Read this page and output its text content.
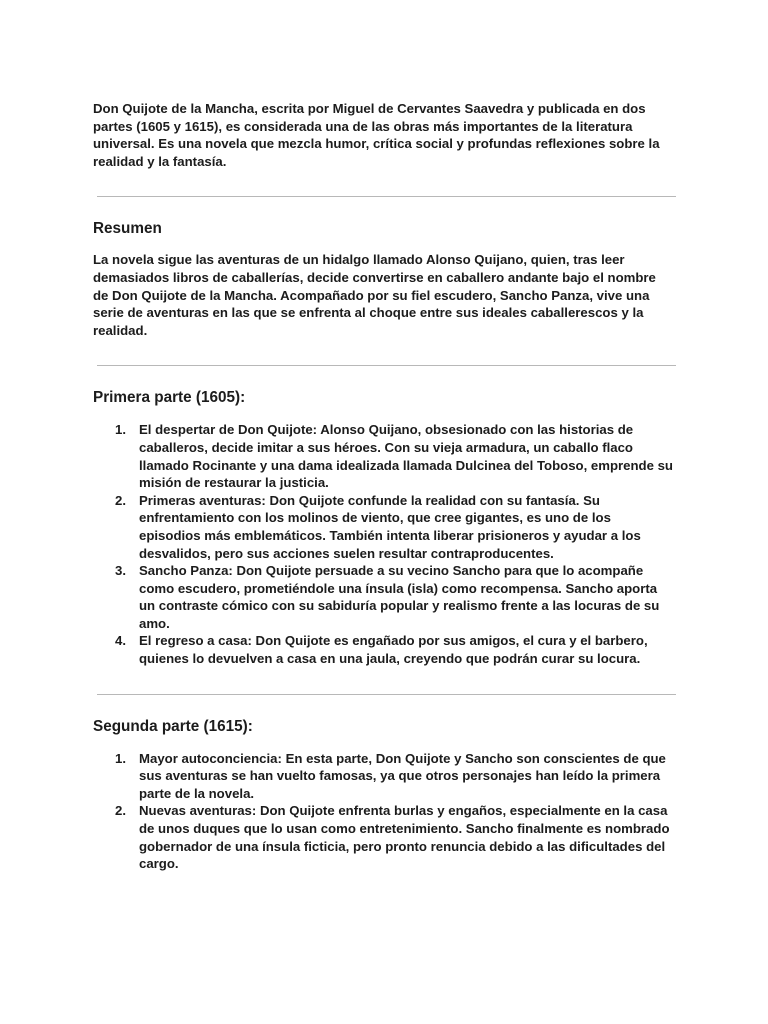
Don Quijote de la Mancha, escrita por Miguel de Cervantes Saavedra y publicada en dos partes (1605 y 1615), es considerada una de las obras más importantes de la literatura universal. Es una novela que mezcla humor, crítica social y profundas reflexiones sobre la realidad y la fantasía.

Resumen

La novela sigue las aventuras de un hidalgo llamado Alonso Quijano, quien, tras leer demasiados libros de caballerías, decide convertirse en caballero andante bajo el nombre de Don Quijote de la Mancha. Acompañado por su fiel escudero, Sancho Panza, vive una serie de aventuras en las que se enfrenta al choque entre sus ideales caballerescos y la realidad.

Primera parte (1605):
1. El despertar de Don Quijote: Alonso Quijano, obsesionado con las historias de caballeros, decide imitar a sus héroes. Con su vieja armadura, un caballo flaco llamado Rocinante y una dama idealizada llamada Dulcinea del Toboso, emprende su misión de restaurar la justicia.
2. Primeras aventuras: Don Quijote confunde la realidad con su fantasía. Su enfrentamiento con los molinos de viento, que cree gigantes, es uno de los episodios más emblemáticos. También intenta liberar prisioneros y ayudar a los desvalidos, pero sus acciones suelen resultar contraproducentes.
3. Sancho Panza: Don Quijote persuade a su vecino Sancho para que lo acompañe como escudero, prometiéndole una ínsula (isla) como recompensa. Sancho aporta un contraste cómico con su sabiduría popular y realismo frente a las locuras de su amo.
4. El regreso a casa: Don Quijote es engañado por sus amigos, el cura y el barbero, quienes lo devuelven a casa en una jaula, creyendo que podrán curar su locura.
Segunda parte (1615):
1. Mayor autoconciencia: En esta parte, Don Quijote y Sancho son conscientes de que sus aventuras se han vuelto famosas, ya que otros personajes han leído la primera parte de la novela.
2. Nuevas aventuras: Don Quijote enfrenta burlas y engaños, especialmente en la casa de unos duques que lo usan como entretenimiento. Sancho finalmente es nombrado gobernador de una ínsula ficticia, pero pronto renuncia debido a las dificultades del cargo.
